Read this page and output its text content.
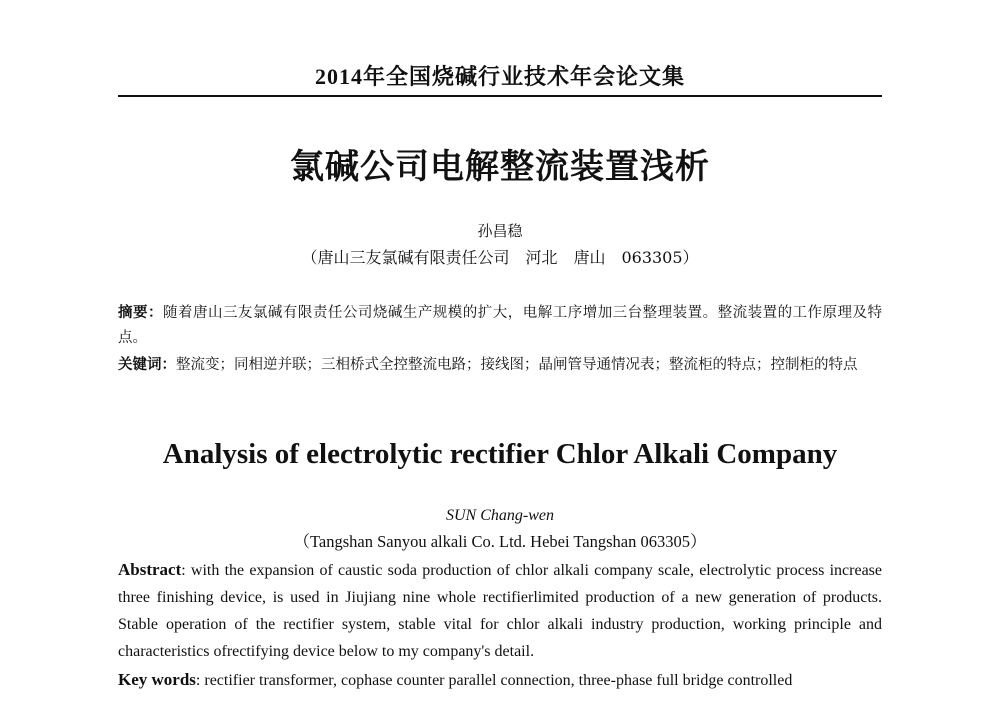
2014年全国烧碱行业技术年会论文集
氯碱公司电解整流装置浅析
孙昌稳
（唐山三友氯碱有限责任公司　河北　唐山　063305）
摘要：随着唐山三友氯碱有限责任公司烧碱生产规模的扩大，电解工序增加三台整理装置。整流装置的工作原理及特点。
关键词：整流变；同相逆并联；三相桥式全控整流电路；接线图；晶闸管导通情况表；整流柜的特点；控制柜的特点
Analysis of electrolytic rectifier Chlor Alkali Company
SUN Chang-wen
（Tangshan Sanyou alkali Co. Ltd. Hebei Tangshan 063305）
Abstract: with the expansion of caustic soda production of chlor alkali company scale, electrolytic process increase three finishing device, is used in Jiujiang nine whole rectifierlimited production of a new generation of products. Stable operation of the rectifier system, stable vital for chlor alkali industry production, working principle and characteristics ofrectifying device below to my company's detail.
Key words: rectifier transformer, cophase counter parallel connection, three-phase full bridge controlled
